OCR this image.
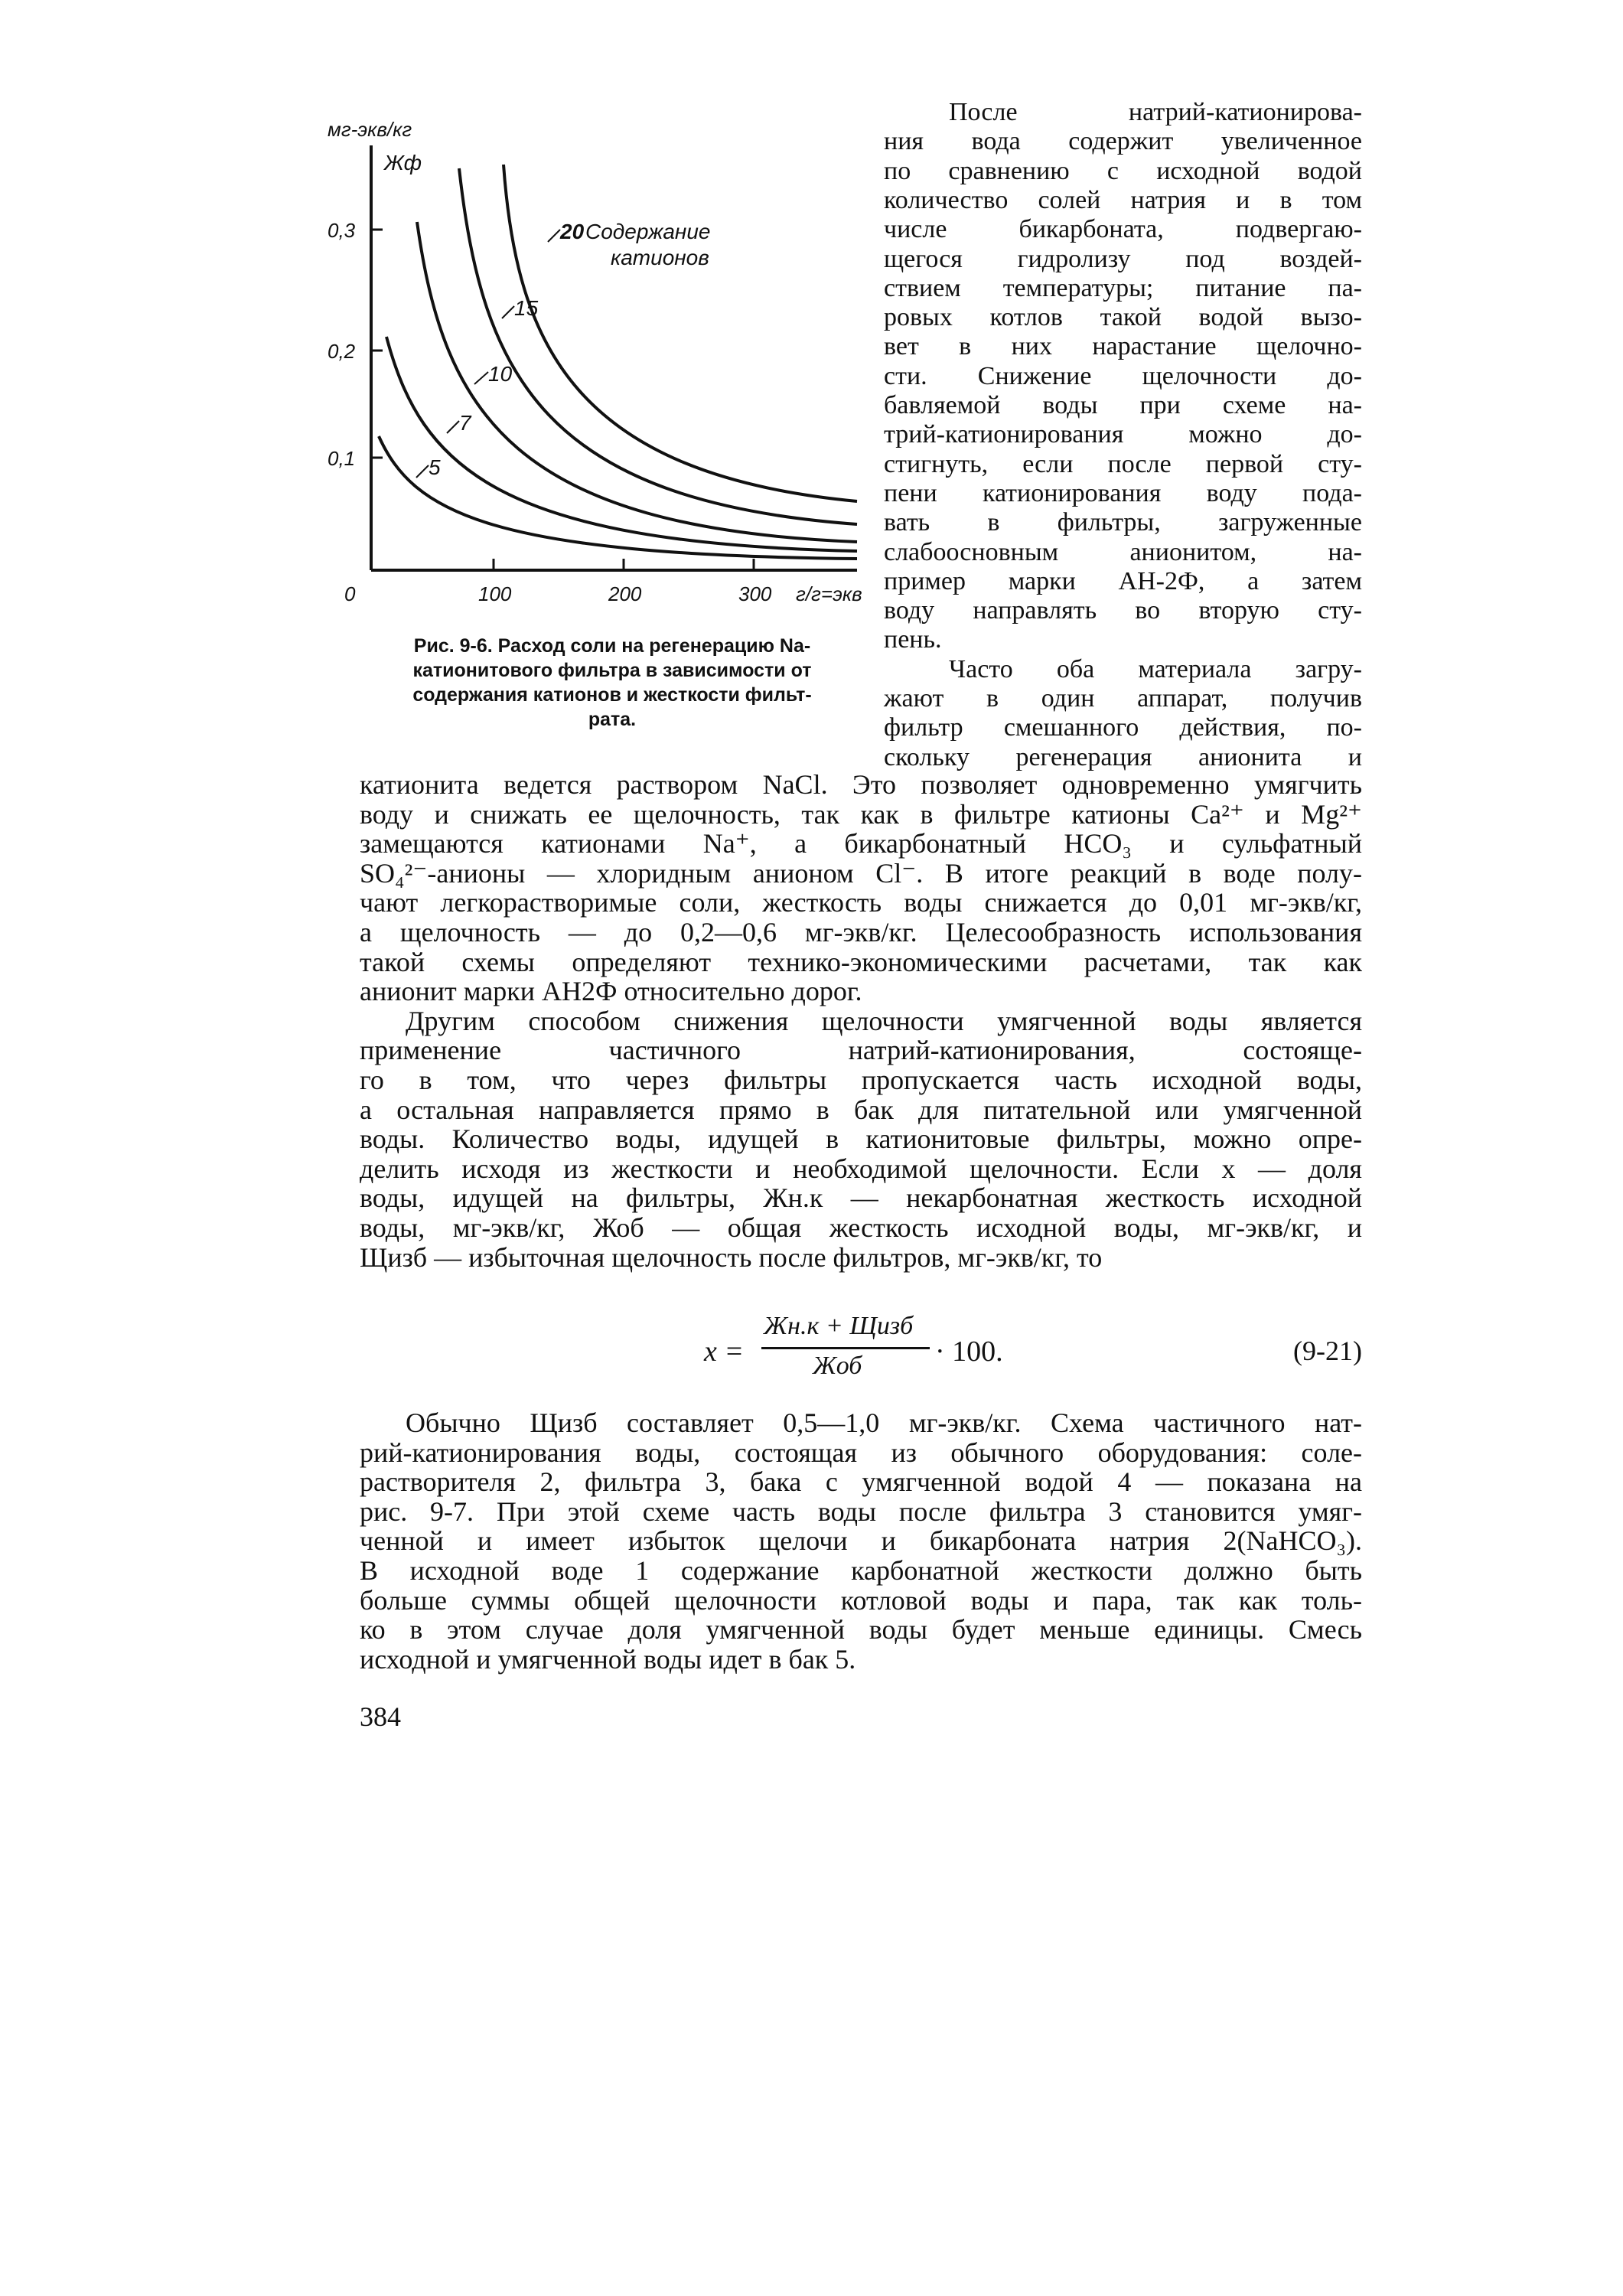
мг-экв/кг
Жф
0,3
0,2
0,1
0	100	200	300 г/г=экв
Содержание
катионов
20
15
10
7
5
Рис. 9-6. Расход соли на регенерацию Na-
катионитового фильтра в зависимости от
содержания катионов и жесткости фильт-
рата.
После натрий-катионирова-
ния вода содержит увеличенное
по сравнению с исходной водой
количество солей натрия и в том
числе бикарбоната, подвергаю-
щегося гидролизу под воздей-
ствием температуры; питание па-
ровых котлов такой водой вызо-
вет в них нарастание щелочно-
сти. Снижение щелочности до-
бавляемой воды при схеме на-
трий-катионирования можно до-
стигнуть, если после первой сту-
пени катионирования воду пода-
вать в фильтры, загруженные
слабоосновным анионитом, на-
пример марки АН-2Ф, а затем
воду направлять во вторую сту-
пень.
Часто оба материала загру-
жают в один аппарат, получив
фильтр смешанного действия, по-
скольку регенерация анионита и
катионита ведется раствором NaCl. Это позволяет одновременно умягчить
воду и снижать ее щелочность, так как в фильтре катионы Ca²⁺ и Mg²⁺
замещаются катионами Na⁺, а бикарбонатный HCO₃ и сульфатный
SO₄²⁻-анионы — хлоридным анионом Cl⁻. В итоге реакций в воде полу-
чают легкорастворимые соли, жесткость воды снижается до 0,01 мг-экв/кг,
а щелочность — до 0,2—0,6 мг-экв/кг. Целесообразность использования
такой схемы определяют технико-экономическими расчетами, так как
анионит марки АН2Ф относительно дорог.
Другим способом снижения щелочности умягченной воды является
применение частичного натрий-катионирования, состояще-
го в том, что через фильтры пропускается часть исходной воды,
а остальная направляется прямо в бак для питательной или умягченной
воды. Количество воды, идущей в катионитовые фильтры, можно опре-
делить исходя из жесткости и необходимой щелочности. Если x — доля
воды, идущей на фильтры, Жн.к — некарбонатная жесткость исходной
воды, мг-экв/кг, Жоб — общая жесткость исходной воды, мг-экв/кг, и
Щизб — избыточная щелочность после фильтров, мг-экв/кг, то
x =
Жн.к + Щизб
Жоб	· 100.	(9-21)
Обычно Щизб составляет 0,5—1,0 мг-экв/кг. Схема частичного нат-
рий-катионирования воды, состоящая из обычного оборудования: соле-
растворителя 2, фильтра 3, бака с умягченной водой 4 — показана на
рис. 9-7. При этой схеме часть воды после фильтра 3 становится умяг-
ченной и имеет избыток щелочи и бикарбоната натрия 2(NaHCO₃).
В исходной воде 1 содержание карбонатной жесткости должно быть
больше суммы общей щелочности котловой воды и пара, так как толь-
ко в этом случае доля умягченной воды будет меньше единицы. Смесь
исходной и умягченной воды идет в бак 5.
384
